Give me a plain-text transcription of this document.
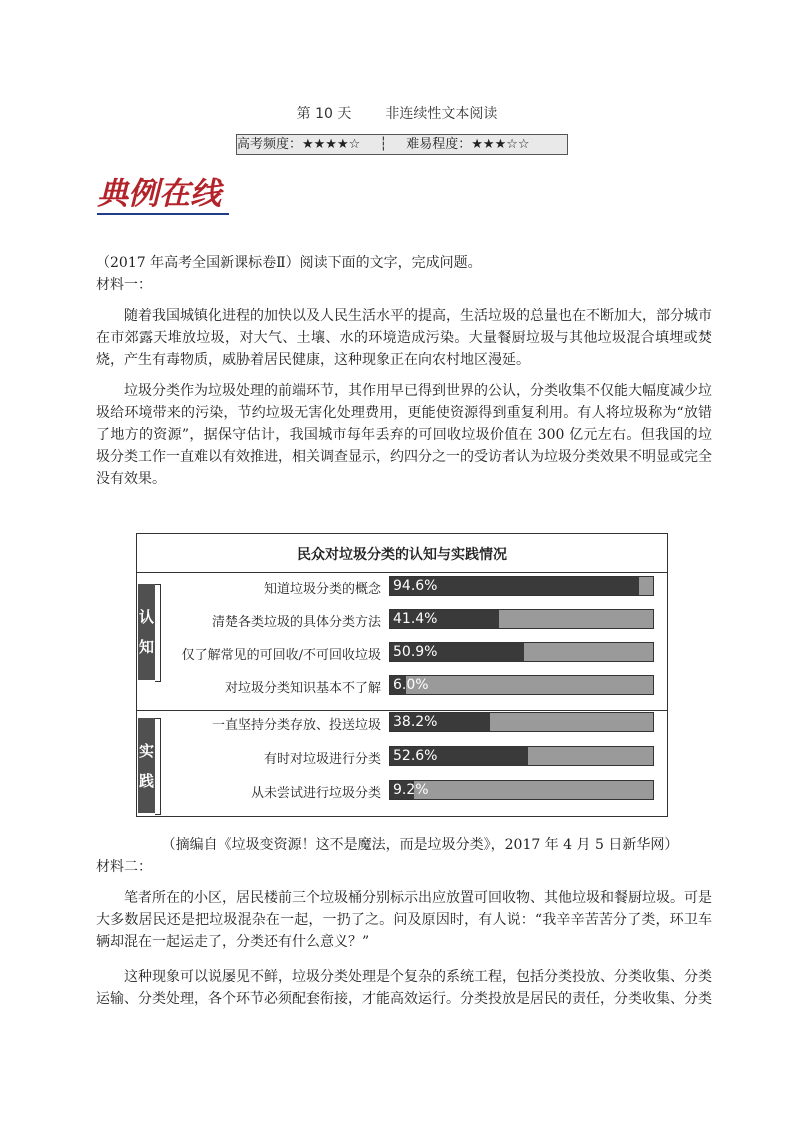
第 10 天 非连续性文本阅读
高考频度：★★★★☆ ┆ 难易程度：★★★☆☆
典例在线
（2017 年高考全国新课标卷Ⅱ）阅读下面的文字，完成问题。
材料一：
随着我国城镇化进程的加快以及人民生活水平的提高，生活垃圾的总量也在不断加大，部分城市在市郊露天堆放垃圾，对大气、土壤、水的环境造成污染。大量餐厨垃圾与其他垃圾混合填埋或焚烧，产生有毒物质，威胁着居民健康，这种现象正在向农村地区漫延。
垃圾分类作为垃圾处理的前端环节，其作用早已得到世界的公认，分类收集不仅能大幅度减少垃圾给环境带来的污染，节约垃圾无害化处理费用，更能使资源得到重复利用。有人将垃圾称为“放错了地方的资源”，据保守估计，我国城市每年丢弃的可回收垃圾价值在 300 亿元左右。但我国的垃圾分类工作一直难以有效推进，相关调查显示，约四分之一的受访者认为垃圾分类效果不明显或完全没有效果。
民众对垃圾分类的认知与实践情况
认
知
实
践
知道垃圾分类的概念 94.6%
清楚各类垃圾的具体分类方法 41.4%
仅了解常见的可回收/不可回收垃圾 50.9%
对垃圾分类知识基本不了解 6.0%
一直坚持分类存放、投送垃圾 38.2%
有时对垃圾进行分类 52.6%
从未尝试进行垃圾分类 9.2%
（摘编自《垃圾变资源！这不是魔法，而是垃圾分类》，2017 年 4 月 5 日新华网）
材料二：
笔者所在的小区，居民楼前三个垃圾桶分别标示出应放置可回收物、其他垃圾和餐厨垃圾。可是大多数居民还是把垃圾混杂在一起，一扔了之。问及原因时，有人说：“我辛辛苦苦分了类，环卫车辆却混在一起运走了，分类还有什么意义？”
这种现象可以说屡见不鲜，垃圾分类处理是个复杂的系统工程，包括分类投放、分类收集、分类运输、分类处理，各个环节必须配套衔接，才能高效运行。分类投放是居民的责任，分类收集、分类
